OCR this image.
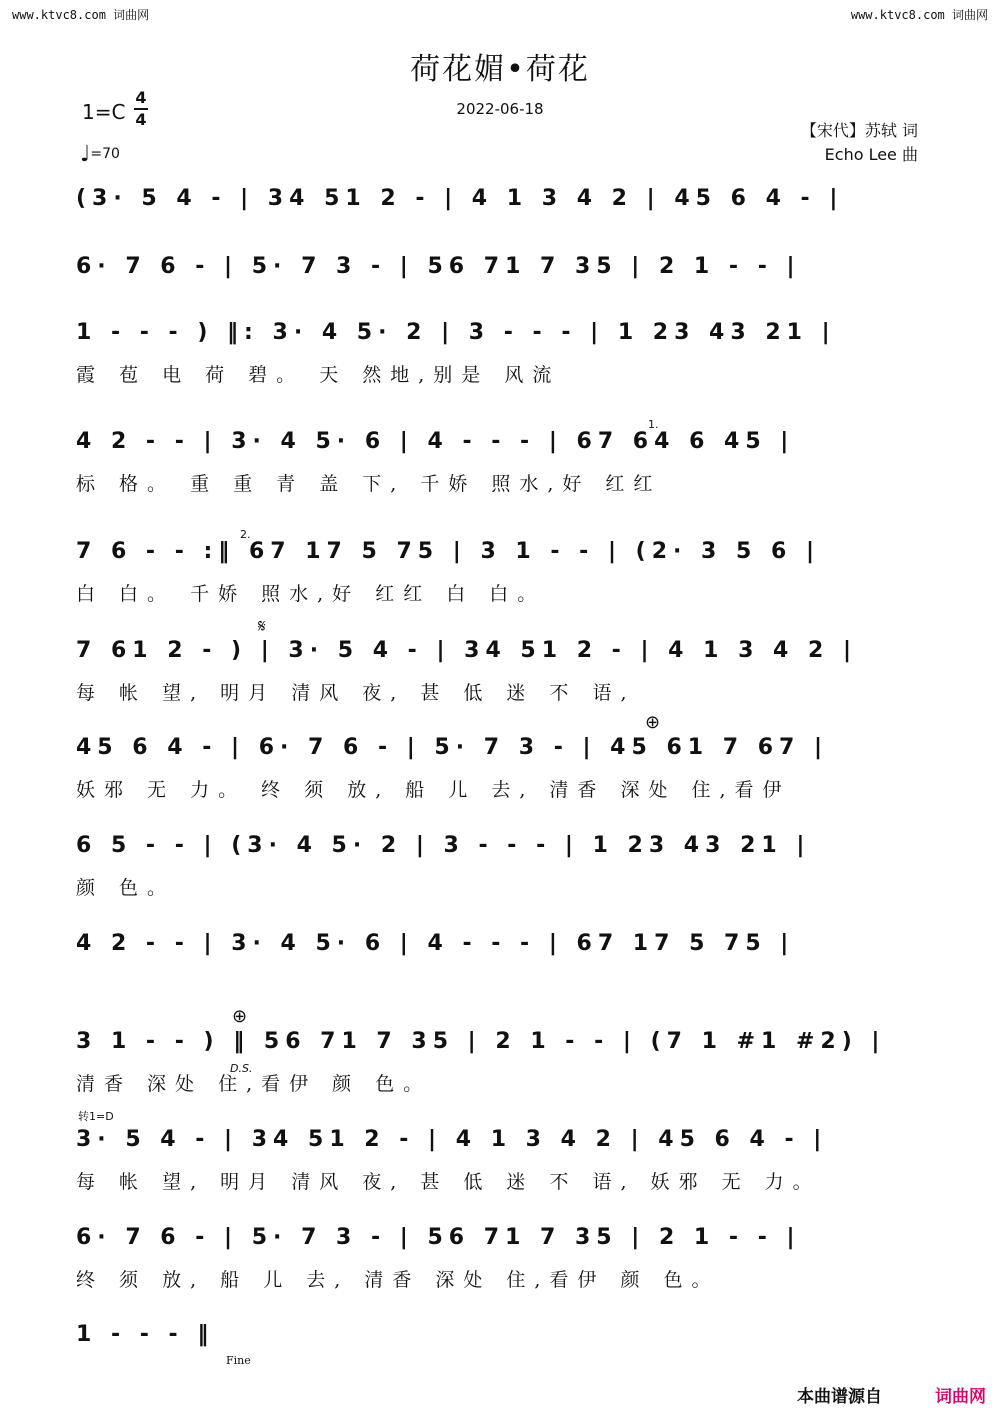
www.ktvc8.com 词曲网	www.ktvc8.com 词曲网
荷花媚•荷花
2022-06-18
1=C
4
4
♩=70
【宋代】苏轼 词
Echo Lee 曲
(3· 5 4 - | 34 51 2 - | 4 1 3 4 2 | 45 6 4 - |
6· 7 6 - | 5· 7 3 - | 56 71 7 35 | 2 1 - - |
1 - - - ) ‖: 3· 4 5· 2 | 3 - - - | 1 23 43 21 |
霞 苞 电 荷 碧。 天 然地,别是 风流
4 2 - - | 3· 4 5· 6 | 4 - - - | 67 64 6 45 |
标 格。 重 重 青 盖 下, 千娇 照水,好 红红
7 6 - - :‖ 67 17 5 75 | 3 1 - - | (2· 3 5 6 |
白 白。 千娇 照水,好 红红 白 白。
7 61 2 - ) | 3· 5 4 - | 34 51 2 - | 4 1 3 4 2 |
每 帐 望, 明月 清风 夜, 甚 低 迷 不 语,
45 6 4 - | 6· 7 6 - | 5· 7 3 - | 45 61 7 67 |
妖邪 无 力。 终 须 放, 船 儿 去, 清香 深处 住,看伊
6 5 - - | (3· 4 5· 2 | 3 - - - | 1 23 43 21 |
颜 色。
4 2 - - | 3· 4 5· 6 | 4 - - - | 67 17 5 75 |
3 1 - - ) ‖ 56 71 7 35 | 2 1 - - | (7 1 #1 #2) |
清香 深处 住,看伊 颜 色。
3· 5 4 - | 34 51 2 - | 4 1 3 4 2 | 45 6 4 - |
每 帐 望, 明月 清风 夜, 甚 低 迷 不 语, 妖邪 无 力。
6· 7 6 - | 5· 7 3 - | 56 71 7 35 | 2 1 - - |
终 须 放, 船 儿 去, 清香 深处 住,看伊 颜 色。
1 - - - ‖
1.
2.
𝄋
⊕
⊕
D.S.
转1=D
Fine
本曲谱源自	词曲网
